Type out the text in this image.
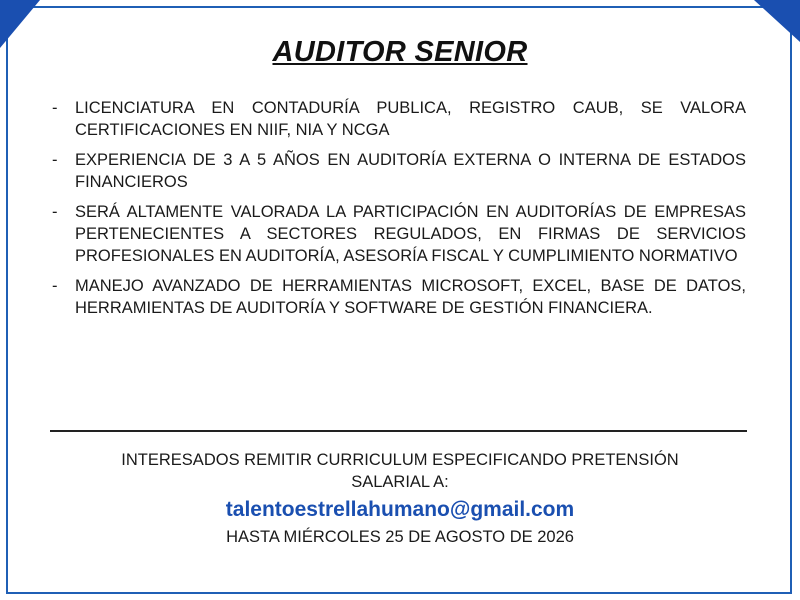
AUDITOR SENIOR
- LICENCIATURA EN CONTADURÍA PUBLICA, REGISTRO CAUB, SE VALORA CERTIFICACIONES EN NIIF, NIA Y NCGA
- EXPERIENCIA DE 3 A 5 AÑOS EN AUDITORÍA EXTERNA O INTERNA DE ESTADOS FINANCIEROS
- SERÁ ALTAMENTE VALORADA LA PARTICIPACIÓN EN AUDITORÍAS DE EMPRESAS PERTENECIENTES A SECTORES REGULADOS, EN FIRMAS DE SERVICIOS PROFESIONALES EN AUDITORÍA, ASESORÍA FISCAL Y CUMPLIMIENTO NORMATIVO
- MANEJO AVANZADO DE HERRAMIENTAS MICROSOFT, EXCEL, BASE DE DATOS, HERRAMIENTAS DE AUDITORÍA Y SOFTWARE DE GESTIÓN FINANCIERA.
INTERESADOS REMITIR CURRICULUM ESPECIFICANDO PRETENSIÓN SALARIAL A:
talentoestrellahumano@gmail.com
HASTA MIÉRCOLES 25 DE AGOSTO DE 2026
